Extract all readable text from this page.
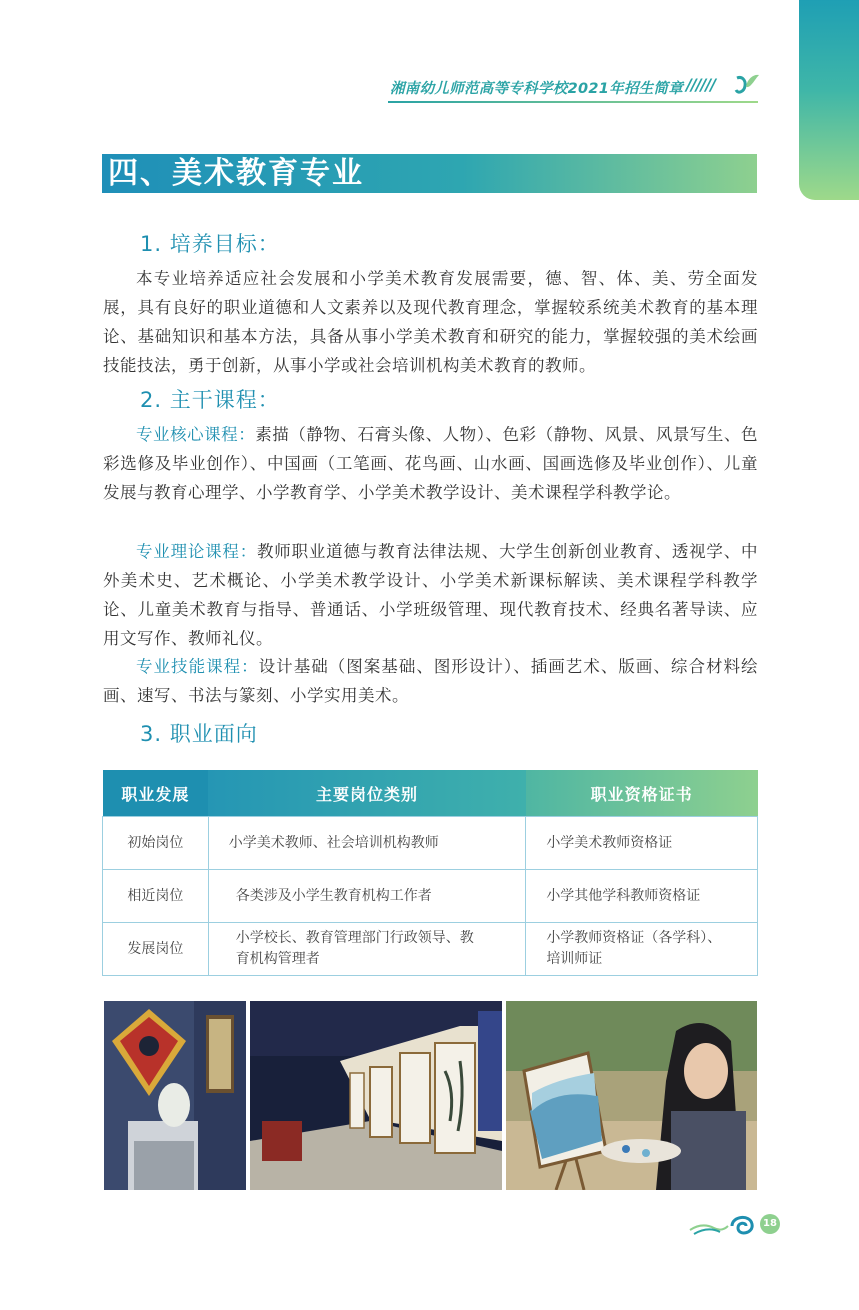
湘南幼儿师范高等专科学校2021年招生简章 //////
四、美术教育专业
1. 培养目标：
本专业培养适应社会发展和小学美术教育发展需要，德、智、体、美、劳全面发展，具有良好的职业道德和人文素养以及现代教育理念，掌握较系统美术教育的基本理论、基础知识和基本方法，具备从事小学美术教育和研究的能力，掌握较强的美术绘画技能技法，勇于创新，从事小学或社会培训机构美术教育的教师。
2. 主干课程：
专业核心课程：素描（静物、石膏头像、人物）、色彩（静物、风景、风景写生、色彩选修及毕业创作）、中国画（工笔画、花鸟画、山水画、国画选修及毕业创作）、儿童发展与教育心理学、小学教育学、小学美术教学设计、美术课程学科教学论。
专业理论课程：教师职业道德与教育法律法规、大学生创新创业教育、透视学、中外美术史、艺术概论、小学美术教学设计、小学美术新课标解读、美术课程学科教学论、儿童美术教育与指导、普通话、小学班级管理、现代教育技术、经典名著导读、应用文写作、教师礼仪。
专业技能课程：设计基础（图案基础、图形设计）、插画艺术、版画、综合材料绘画、速写、书法与篆刻、小学实用美术。
3. 职业面向
职业发展	主要岗位类别	职业资格证书
初始岗位	小学美术教师、社会培训机构教师	小学美术教师资格证
相近岗位	各类涉及小学生教育机构工作者	小学其他学科教师资格证
发展岗位	小学校长、教育管理部门行政领导、教育机构管理者	小学教师资格证（各学科）、培训师证
18
